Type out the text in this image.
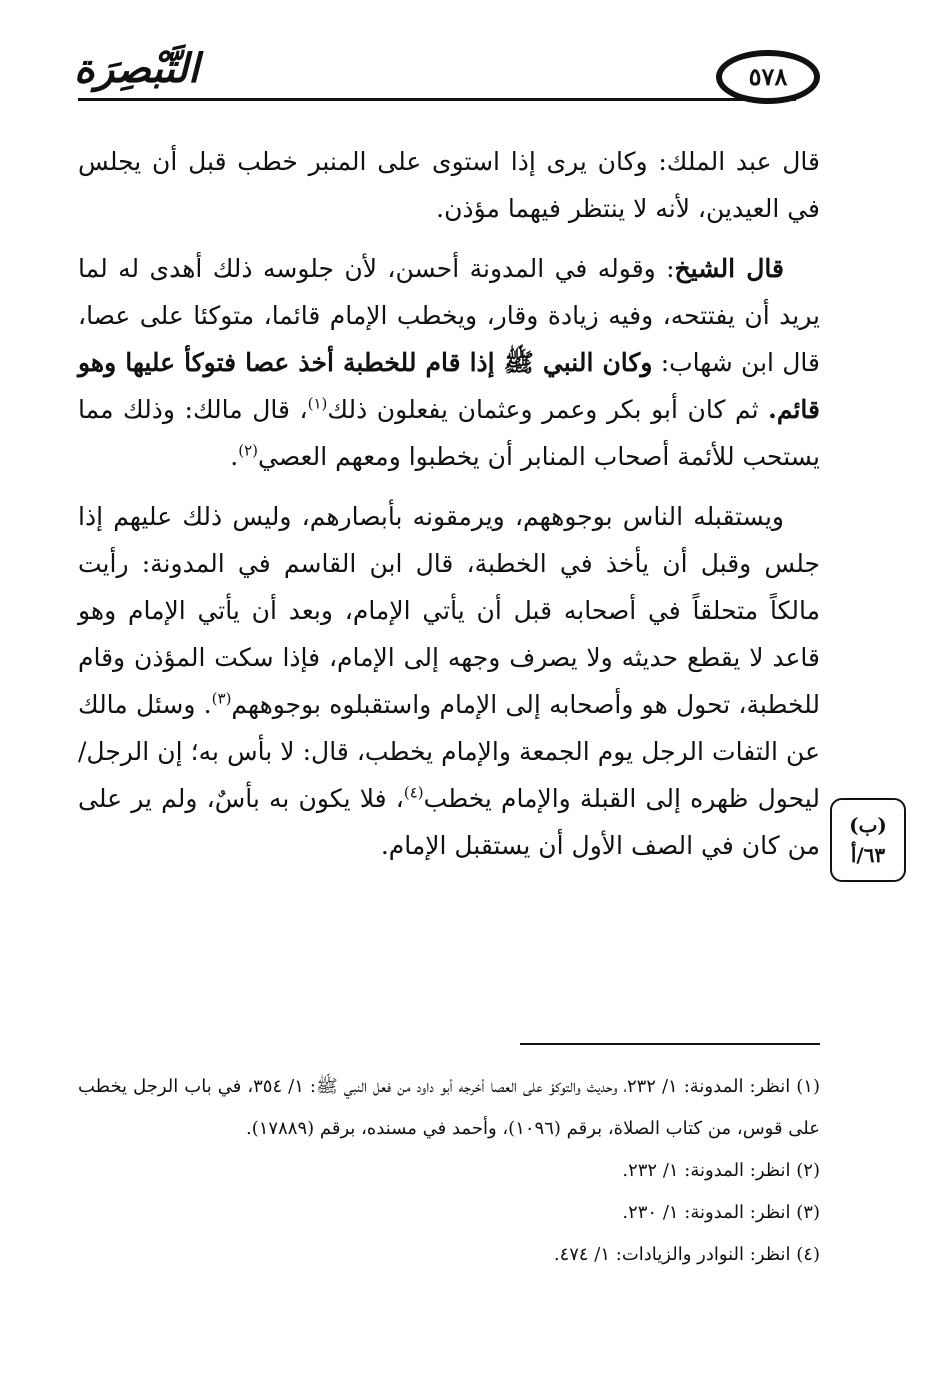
التَّبْصِرَة	٥٧٨

قال عبد الملك: وكان يرى إذا استوى على المنبر خطب قبل أن يجلس في العيدين، لأنه لا ينتظر فيهما مؤذن.

قال الشيخ: وقوله في المدونة أحسن، لأن جلوسه ذلك أهدى له لما يريد أن يفتتحه، وفيه زيادة وقار، ويخطب الإمام قائما، متوكئا على عصا، قال ابن شهاب: وكان النبي ﷺ إذا قام للخطبة أخذ عصا فتوكأ عليها وهو قائم. ثم كان أبو بكر وعمر وعثمان يفعلون ذلك$^{(١)}$، قال مالك: وذلك مما يستحب للأئمة أصحاب المنابر أن يخطبوا ومعهم العصي$^{(٢)}$.

ويستقبله الناس بوجوههم، ويرمقونه بأبصارهم، وليس ذلك عليهم إذا جلس وقبل أن يأخذ في الخطبة، قال ابن القاسم في المدونة: رأيت مالكاً متحلقاً في أصحابه قبل أن يأتي الإمام، وبعد أن يأتي الإمام وهو قاعد لا يقطع حديثه ولا يصرف وجهه إلى الإمام، فإذا سكت المؤذن وقام للخطبة، تحول هو وأصحابه إلى الإمام واستقبلوه بوجوههم$^{(٣)}$. وسئل مالك عن التفات الرجل يوم الجمعة والإمام يخطب، قال: لا بأس به؛ إن الرجل/ ليحول ظهره إلى القبلة والإمام يخطب$^{(٤)}$، فلا يكون به بأسٌ، ولم ير على من كان في الصف الأول أن يستقبل الإمام.

(ب)
٦٣/أ

(١) انظر: المدونة: ١/ ٢٣٢، وحديث والتوكؤ على العصا أخرجه أبو داود من فعل النبي ﷺ: ١/ ٣٥٤، في باب الرجل يخطب على قوس، من كتاب الصلاة، برقم (١٠٩٦)، وأحمد في مسنده، برقم (١٧٨٨٩).

(٢) انظر: المدونة: ١/ ٢٣٢.

(٣) انظر: المدونة: ١/ ٢٣٠.

(٤) انظر: النوادر والزيادات: ١/ ٤٧٤.
